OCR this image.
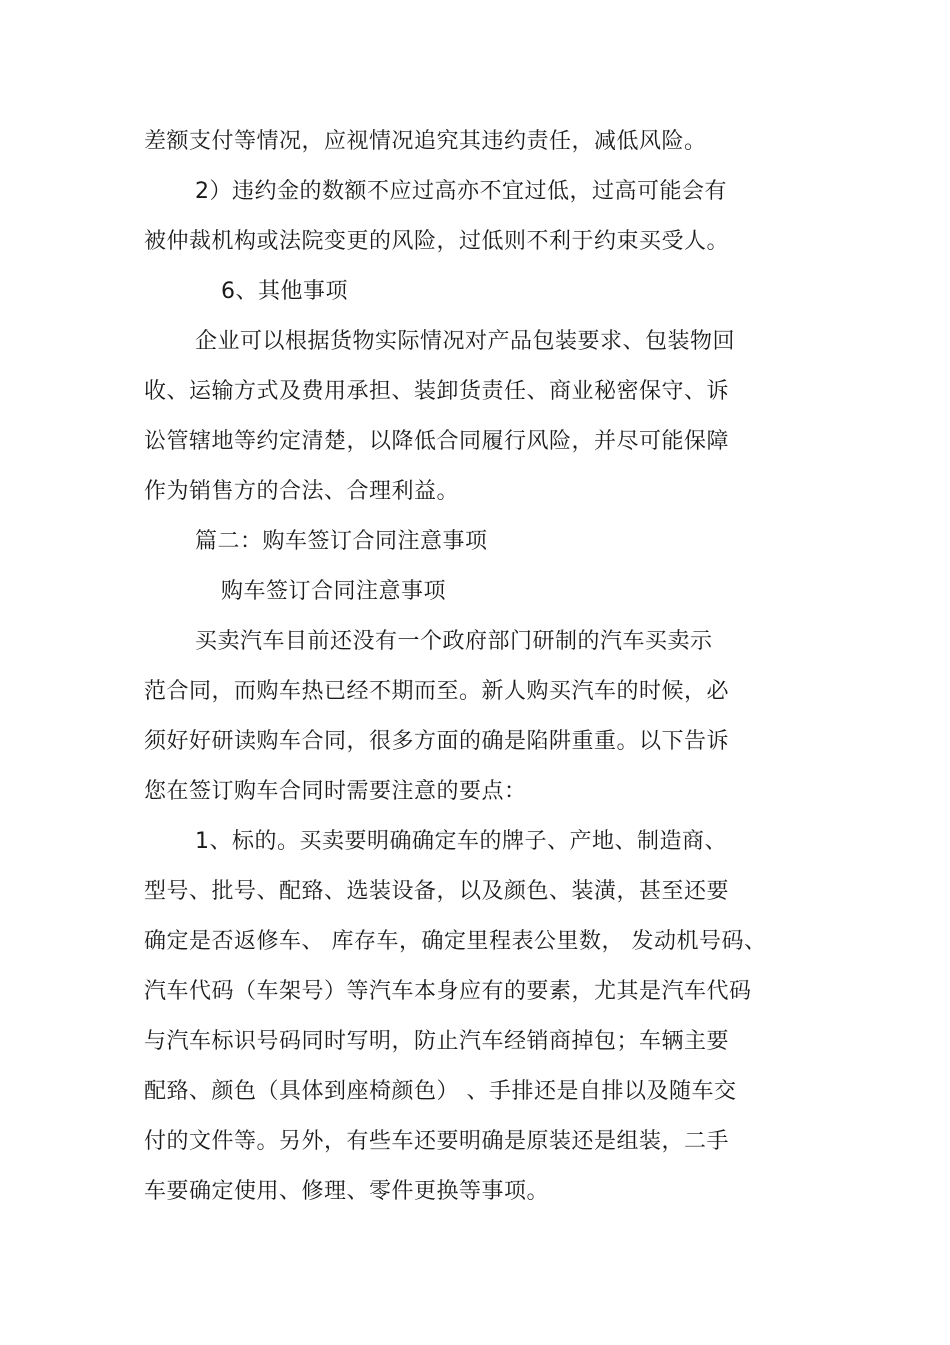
差额支付等情况，应视情况追究其违约责任，减低风险。
2）违约金的数额不应过高亦不宜过低，过高可能会有
被仲裁机构或法院变更的风险，过低则不利于约束买受人。
6、其他事项
企业可以根据货物实际情况对产品包装要求、包装物回
收、运输方式及费用承担、装卸货责任、商业秘密保守、诉
讼管辖地等约定清楚，以降低合同履行风险，并尽可能保障
作为销售方的合法、合理利益。
篇二：购车签订合同注意事项
购车签订合同注意事项
买卖汽车目前还没有一个政府部门研制的汽车买卖示
范合同，而购车热已经不期而至。新人购买汽车的时候，必
须好好研读购车合同，很多方面的确是陷阱重重。以下告诉
您在签订购车合同时需要注意的要点：
1、标的。买卖要明确确定车的牌子、产地、制造商、
型号、批号、配臵、选装设备，以及颜色、装潢，甚至还要
确定是否返修车、 库存车，确定里程表公里数， 发动机号码、
汽车代码（车架号）等汽车本身应有的要素，尤其是汽车代码
与汽车标识号码同时写明，防止汽车经销商掉包；车辆主要
配臵、颜色（具体到座椅颜色） 、手排还是自排以及随车交
付的文件等。另外，有些车还要明确是原装还是组装，二手
车要确定使用、修理、零件更换等事项。
